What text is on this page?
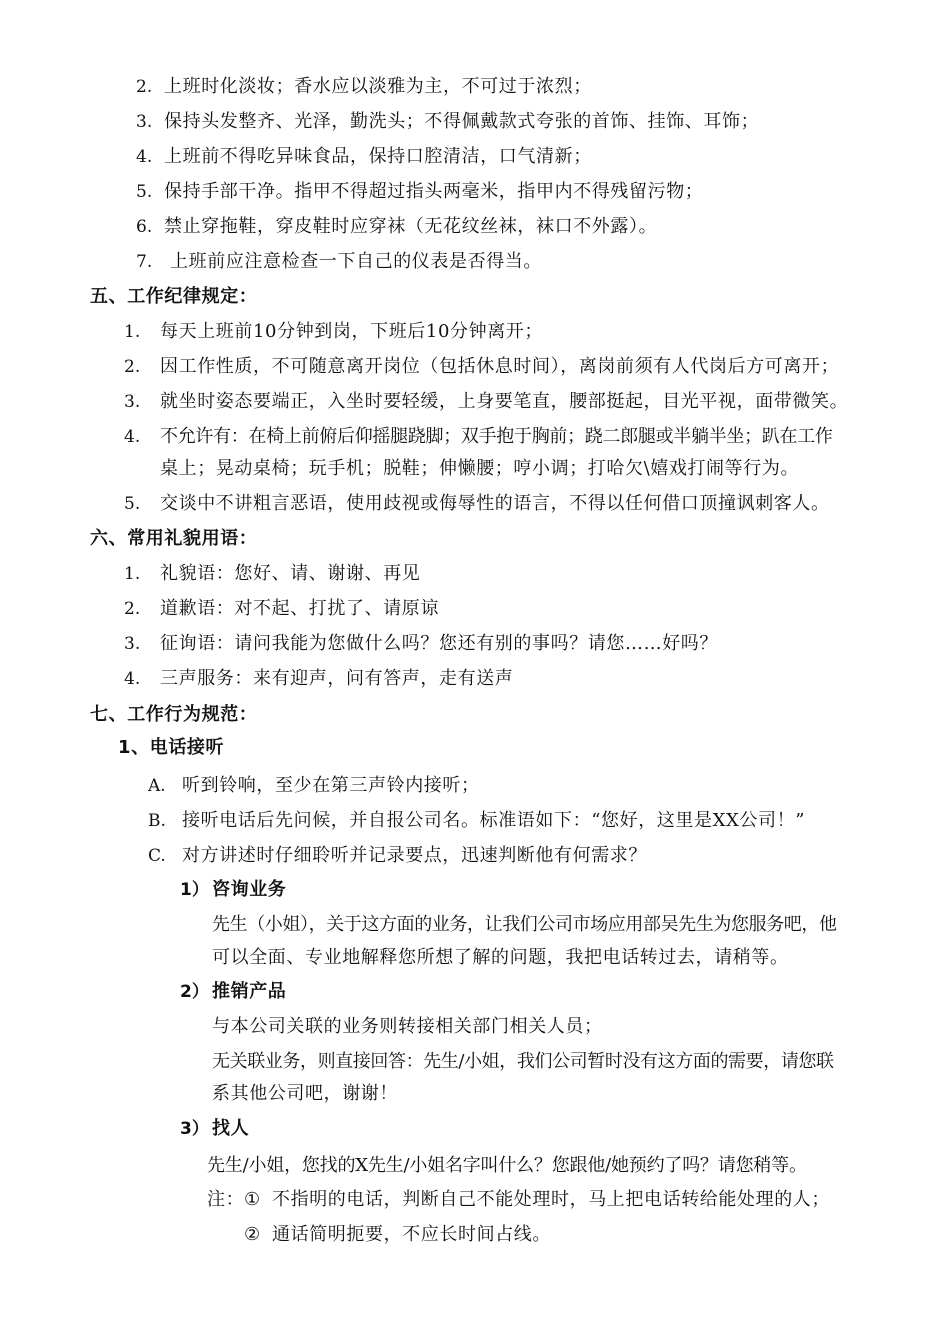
2. 上班时化淡妆；香水应以淡雅为主，不可过于浓烈；
3. 保持头发整齐、光泽，勤洗头；不得佩戴款式夸张的首饰、挂饰、耳饰；
4. 上班前不得吃异味食品，保持口腔清洁，口气清新；
5. 保持手部干净。指甲不得超过指头两毫米，指甲内不得残留污物；
6. 禁止穿拖鞋，穿皮鞋时应穿袜（无花纹丝袜，袜口不外露）。
7. 上班前应注意检查一下自己的仪表是否得当。
五、工作纪律规定：
1. 每天上班前10分钟到岗，下班后10分钟离开；
2. 因工作性质，不可随意离开岗位（包括休息时间），离岗前须有人代岗后方可离开；
3. 就坐时姿态要端正，入坐时要轻缓，上身要笔直，腰部挺起，目光平视，面带微笑。
4. 不允许有：在椅上前俯后仰摇腿跷脚；双手抱于胸前；跷二郎腿或半躺半坐；趴在工作
桌上；晃动桌椅；玩手机；脱鞋；伸懒腰；哼小调；打哈欠\嬉戏打闹等行为。
5. 交谈中不讲粗言恶语，使用歧视或侮辱性的语言，不得以任何借口顶撞讽刺客人。
六、常用礼貌用语：
1. 礼貌语：您好、请、谢谢、再见
2. 道歉语：对不起、打扰了、请原谅
3. 征询语：请问我能为您做什么吗？您还有别的事吗？请您……好吗？
4. 三声服务：来有迎声，问有答声，走有送声
七、工作行为规范：
1、电话接听
A. 听到铃响，至少在第三声铃内接听；
B. 接听电话后先问候，并自报公司名。标准语如下：“您好，这里是XX公司！”
C. 对方讲述时仔细聆听并记录要点，迅速判断他有何需求？
1） 咨询业务
先生（小姐），关于这方面的业务，让我们公司市场应用部吴先生为您服务吧，他
可以全面、专业地解释您所想了解的问题，我把电话转过去，请稍等。
2） 推销产品
与本公司关联的业务则转接相关部门相关人员；
无关联业务，则直接回答：先生/小姐，我们公司暂时没有这方面的需要，请您联
系其他公司吧，谢谢！
3） 找人
先生/小姐，您找的X先生/小姐名字叫什么？您跟他/她预约了吗？请您稍等。
注： ① 不指明的电话，判断自己不能处理时，马上把电话转给能处理的人；
② 通话简明扼要，不应长时间占线。
